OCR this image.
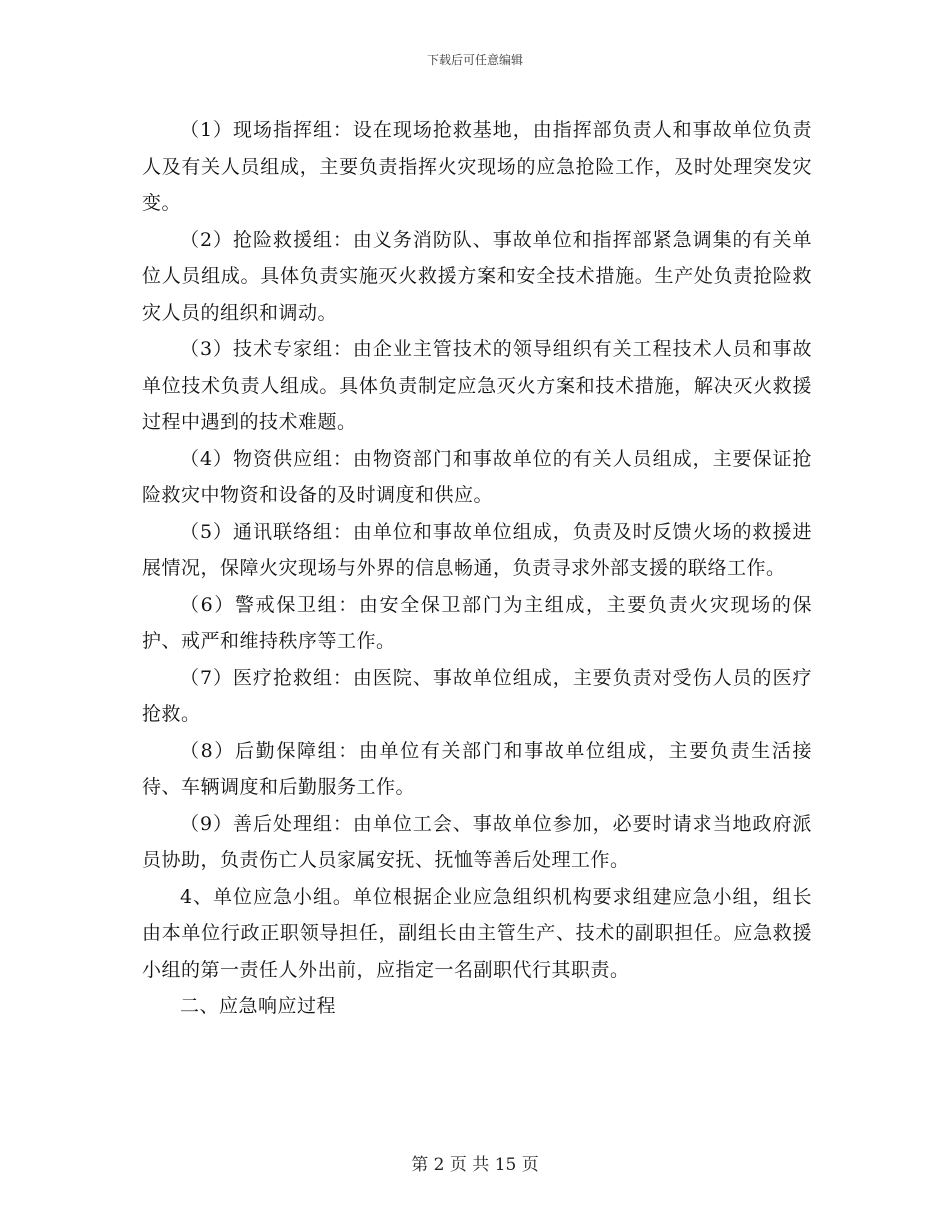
下载后可任意编辑

（1）现场指挥组：设在现场抢救基地，由指挥部负责人和事故单位负责人及有关人员组成，主要负责指挥火灾现场的应急抢险工作，及时处理突发灾变。

（2）抢险救援组：由义务消防队、事故单位和指挥部紧急调集的有关单位人员组成。具体负责实施灭火救援方案和安全技术措施。生产处负责抢险救灾人员的组织和调动。

（3）技术专家组：由企业主管技术的领导组织有关工程技术人员和事故单位技术负责人组成。具体负责制定应急灭火方案和技术措施，解决灭火救援过程中遇到的技术难题。

（4）物资供应组：由物资部门和事故单位的有关人员组成，主要保证抢险救灾中物资和设备的及时调度和供应。

（5）通讯联络组：由单位和事故单位组成，负责及时反馈火场的救援进展情况，保障火灾现场与外界的信息畅通，负责寻求外部支援的联络工作。

（6）警戒保卫组：由安全保卫部门为主组成，主要负责火灾现场的保护、戒严和维持秩序等工作。

（7）医疗抢救组：由医院、事故单位组成，主要负责对受伤人员的医疗抢救。

（8）后勤保障组：由单位有关部门和事故单位组成，主要负责生活接待、车辆调度和后勤服务工作。

（9）善后处理组：由单位工会、事故单位参加，必要时请求当地政府派员协助，负责伤亡人员家属安抚、抚恤等善后处理工作。

4、单位应急小组。单位根据企业应急组织机构要求组建应急小组，组长由本单位行政正职领导担任，副组长由主管生产、技术的副职担任。应急救援小组的第一责任人外出前，应指定一名副职代行其职责。

二、应急响应过程

第 2 页 共 15 页
